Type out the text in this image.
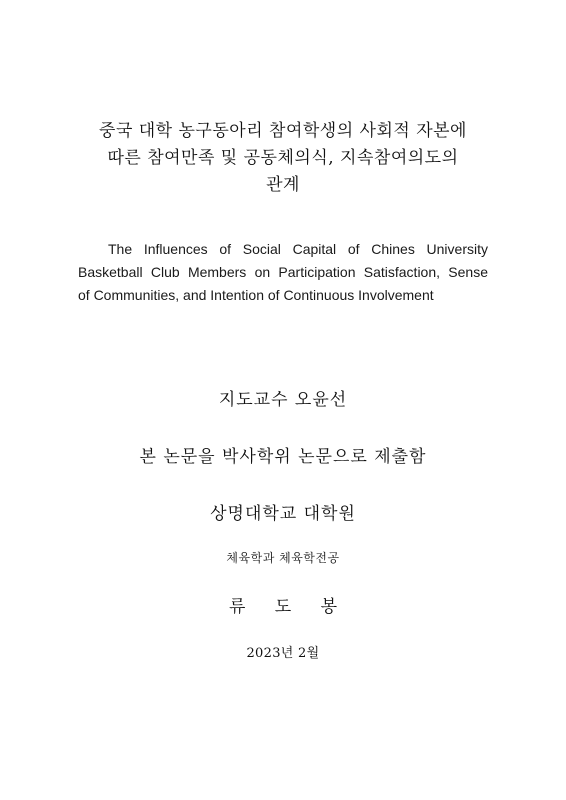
중국 대학 농구동아리 참여학생의 사회적 자본에
따른 참여만족 및 공동체의식, 지속참여의도의
관계
The Influences of Social Capital of Chines University
Basketball Club Members on Participation Satisfaction, Sense
of Communities, and Intention of Continuous Involvement
지도교수 오윤선
본 논문을 박사학위 논문으로 제출함
상명대학교 대학원
체육학과 체육학전공
류 도 봉
2023년 2월
